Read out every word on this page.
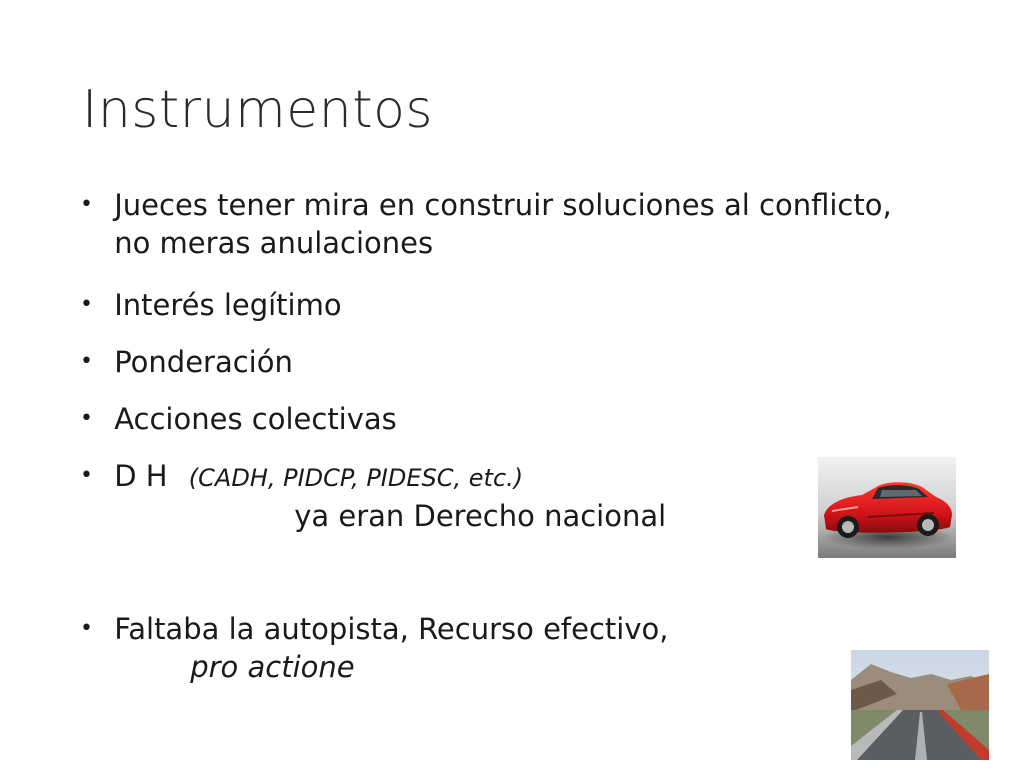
Instrumentos
• Jueces tener mira en construir soluciones al conflicto,
no meras anulaciones
• Interés legítimo
• Ponderación
• Acciones colectivas
• D H (CADH, PIDCP, PIDESC, etc.)
ya eran Derecho nacional
• Faltaba la autopista, Recurso efectivo,
pro actione
